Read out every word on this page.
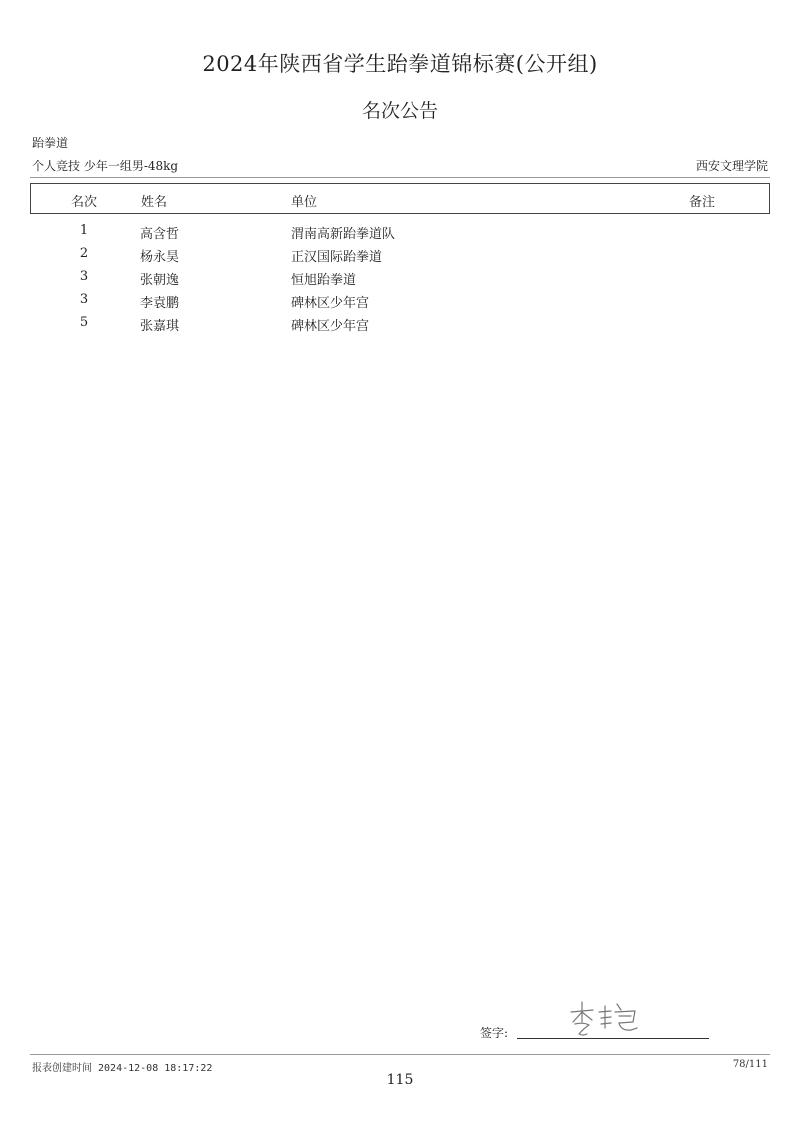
2024年陕西省学生跆拳道锦标赛(公开组)
名次公告
跆拳道
个人竞技 少年一组男-48kg	西安文理学院
名次	姓名	单位	备注
1	高含哲	渭南高新跆拳道队
2	杨永昊	正汉国际跆拳道
3	张朝逸	恒旭跆拳道
3	李袁鹏	碑林区少年宫
5	张嘉琪	碑林区少年宫
签字:
报表创建时间 2024-12-08 18:17:22	78/111
115
